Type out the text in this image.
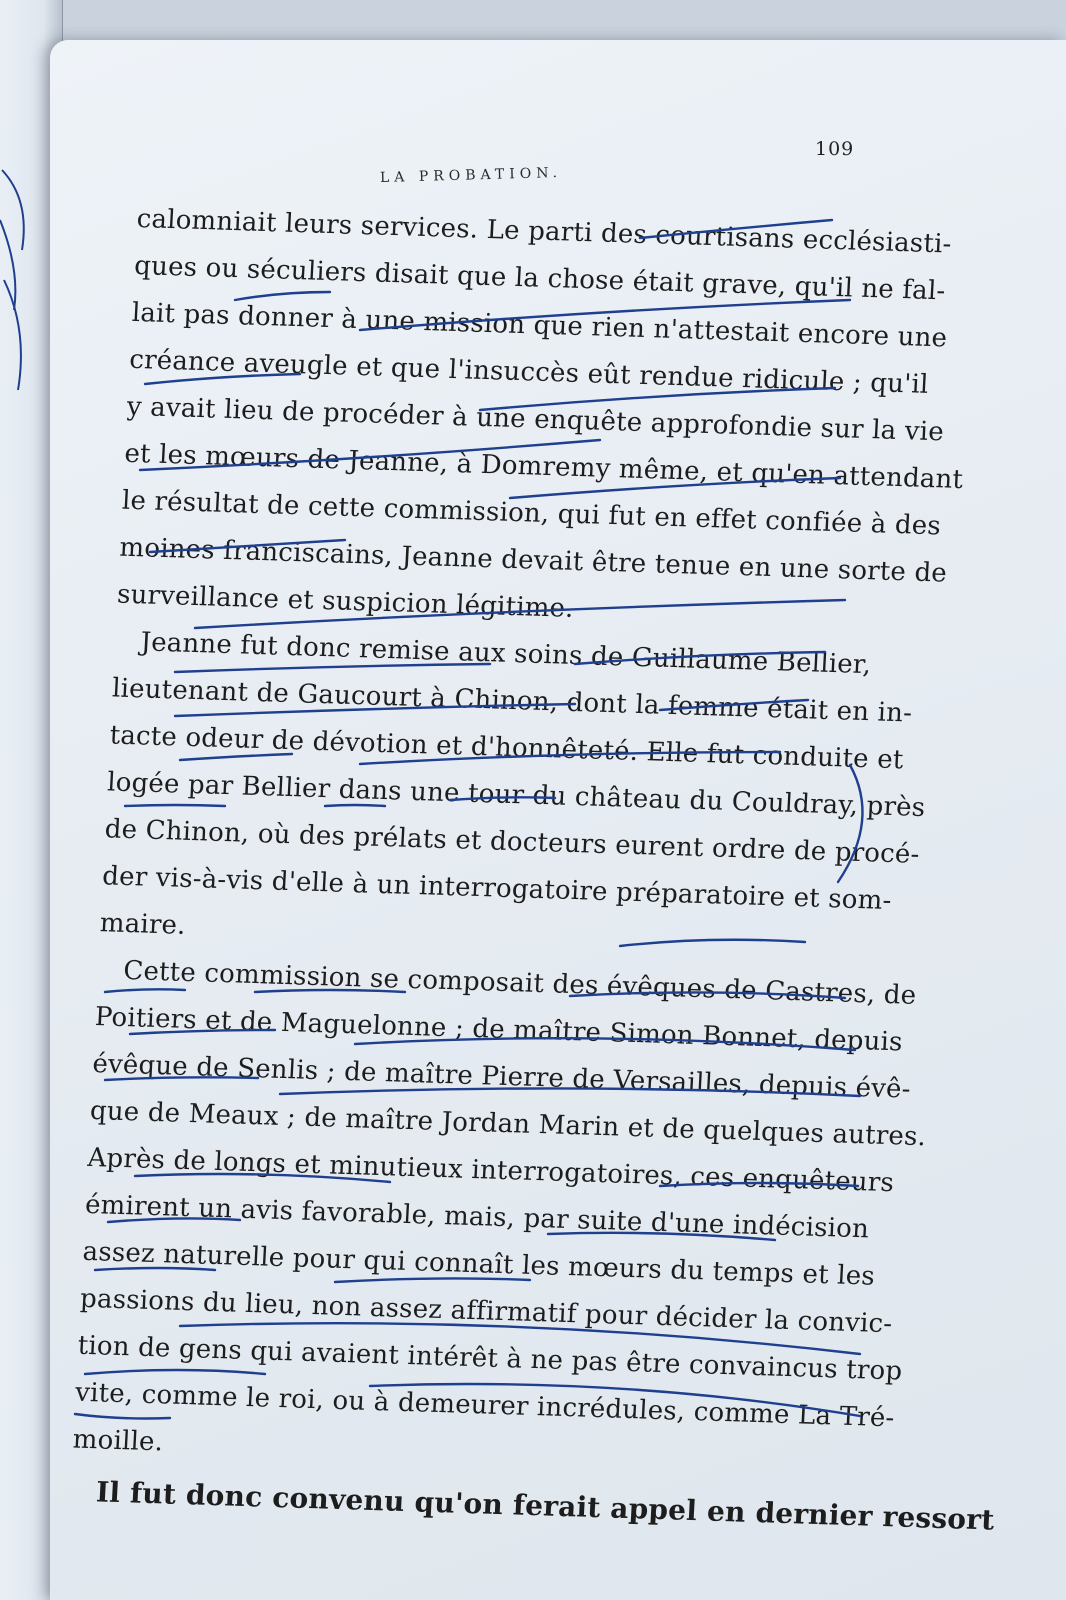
109
LA PROBATION.
calomniait leurs services. Le parti des courtisans ecclésiasti-
ques ou séculiers disait que la chose était grave, qu'il ne fal-
lait pas donner à une mission que rien n'attestait encore une
créance aveugle et que l'insuccès eût rendue ridicule ; qu'il
y avait lieu de procéder à une enquête approfondie sur la vie
et les mœurs de Jeanne, à Domremy même, et qu'en attendant
le résultat de cette commission, qui fut en effet confiée à des
moines franciscains, Jeanne devait être tenue en une sorte de
surveillance et suspicion légitime.
Jeanne fut donc remise aux soins de Guillaume Bellier,
lieutenant de Gaucourt à Chinon, dont la femme était en in-
tacte odeur de dévotion et d'honnêteté. Elle fut conduite et
logée par Bellier dans une tour du château du Couldray, près
de Chinon, où des prélats et docteurs eurent ordre de procé-
der vis-à-vis d'elle à un interrogatoire préparatoire et som-
maire.
Cette commission se composait des évêques de Castres, de
Poitiers et de Maguelonne ; de maître Simon Bonnet, depuis
évêque de Senlis ; de maître Pierre de Versailles, depuis évê-
que de Meaux ; de maître Jordan Marin et de quelques autres.
Après de longs et minutieux interrogatoires, ces enquêteurs
émirent un avis favorable, mais, par suite d'une indécision
assez naturelle pour qui connaît les mœurs du temps et les
passions du lieu, non assez affirmatif pour décider la convic-
tion de gens qui avaient intérêt à ne pas être convaincus trop
vite, comme le roi, ou à demeurer incrédules, comme La Tré-
moille.
Il fut donc convenu qu'on ferait appel en dernier ressort
